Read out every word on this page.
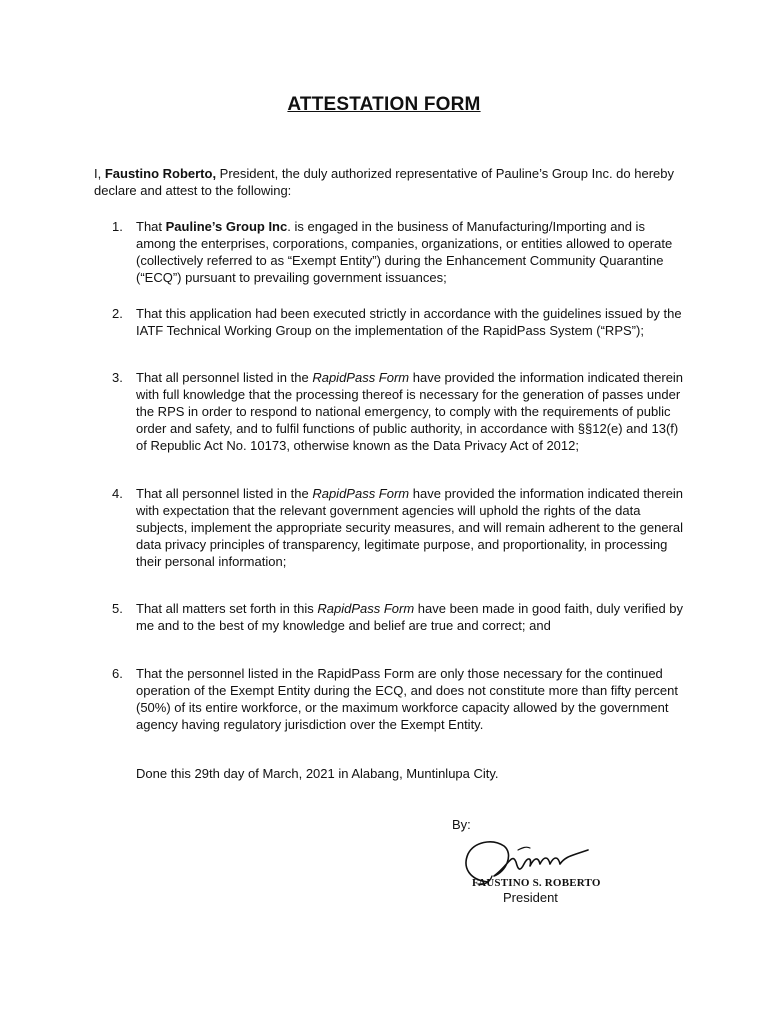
ATTESTATION FORM
I, Faustino Roberto, President, the duly authorized representative of Pauline’s Group Inc. do hereby declare and attest to the following:
1.	That Pauline’s Group Inc. is engaged in the business of Manufacturing/Importing and is among the enterprises, corporations, companies, organizations, or entities allowed to operate (collectively referred to as “Exempt Entity”) during the Enhancement Community Quarantine (“ECQ”) pursuant to prevailing government issuances;
2.	That this application had been executed strictly in accordance with the guidelines issued by the IATF Technical Working Group on the implementation of the RapidPass System (“RPS”);
3.	That all personnel listed in the RapidPass Form have provided the information indicated therein with full knowledge that the processing thereof is necessary for the generation of passes under the RPS in order to respond to national emergency, to comply with the requirements of public order and safety, and to fulfil functions of public authority, in accordance with §§12(e) and 13(f) of Republic Act No. 10173, otherwise known as the Data Privacy Act of 2012;
4.	That all personnel listed in the RapidPass Form have provided the information indicated therein with expectation that the relevant government agencies will uphold the rights of the data subjects, implement the appropriate security measures, and will remain adherent to the general data privacy principles of transparency, legitimate purpose, and proportionality, in processing their personal information;
5.	That all matters set forth in this RapidPass Form have been made in good faith, duly verified by me and to the best of my knowledge and belief are true and correct; and
6.	That the personnel listed in the RapidPass Form are only those necessary for the continued operation of the Exempt Entity during the ECQ, and does not constitute more than fifty percent (50%) of its entire workforce, or the maximum workforce capacity allowed by the government agency having regulatory jurisdiction over the Exempt Entity.
Done this 29th day of March, 2021 in Alabang, Muntinlupa City.
By:
FAUSTINO S. ROBERTO
President
